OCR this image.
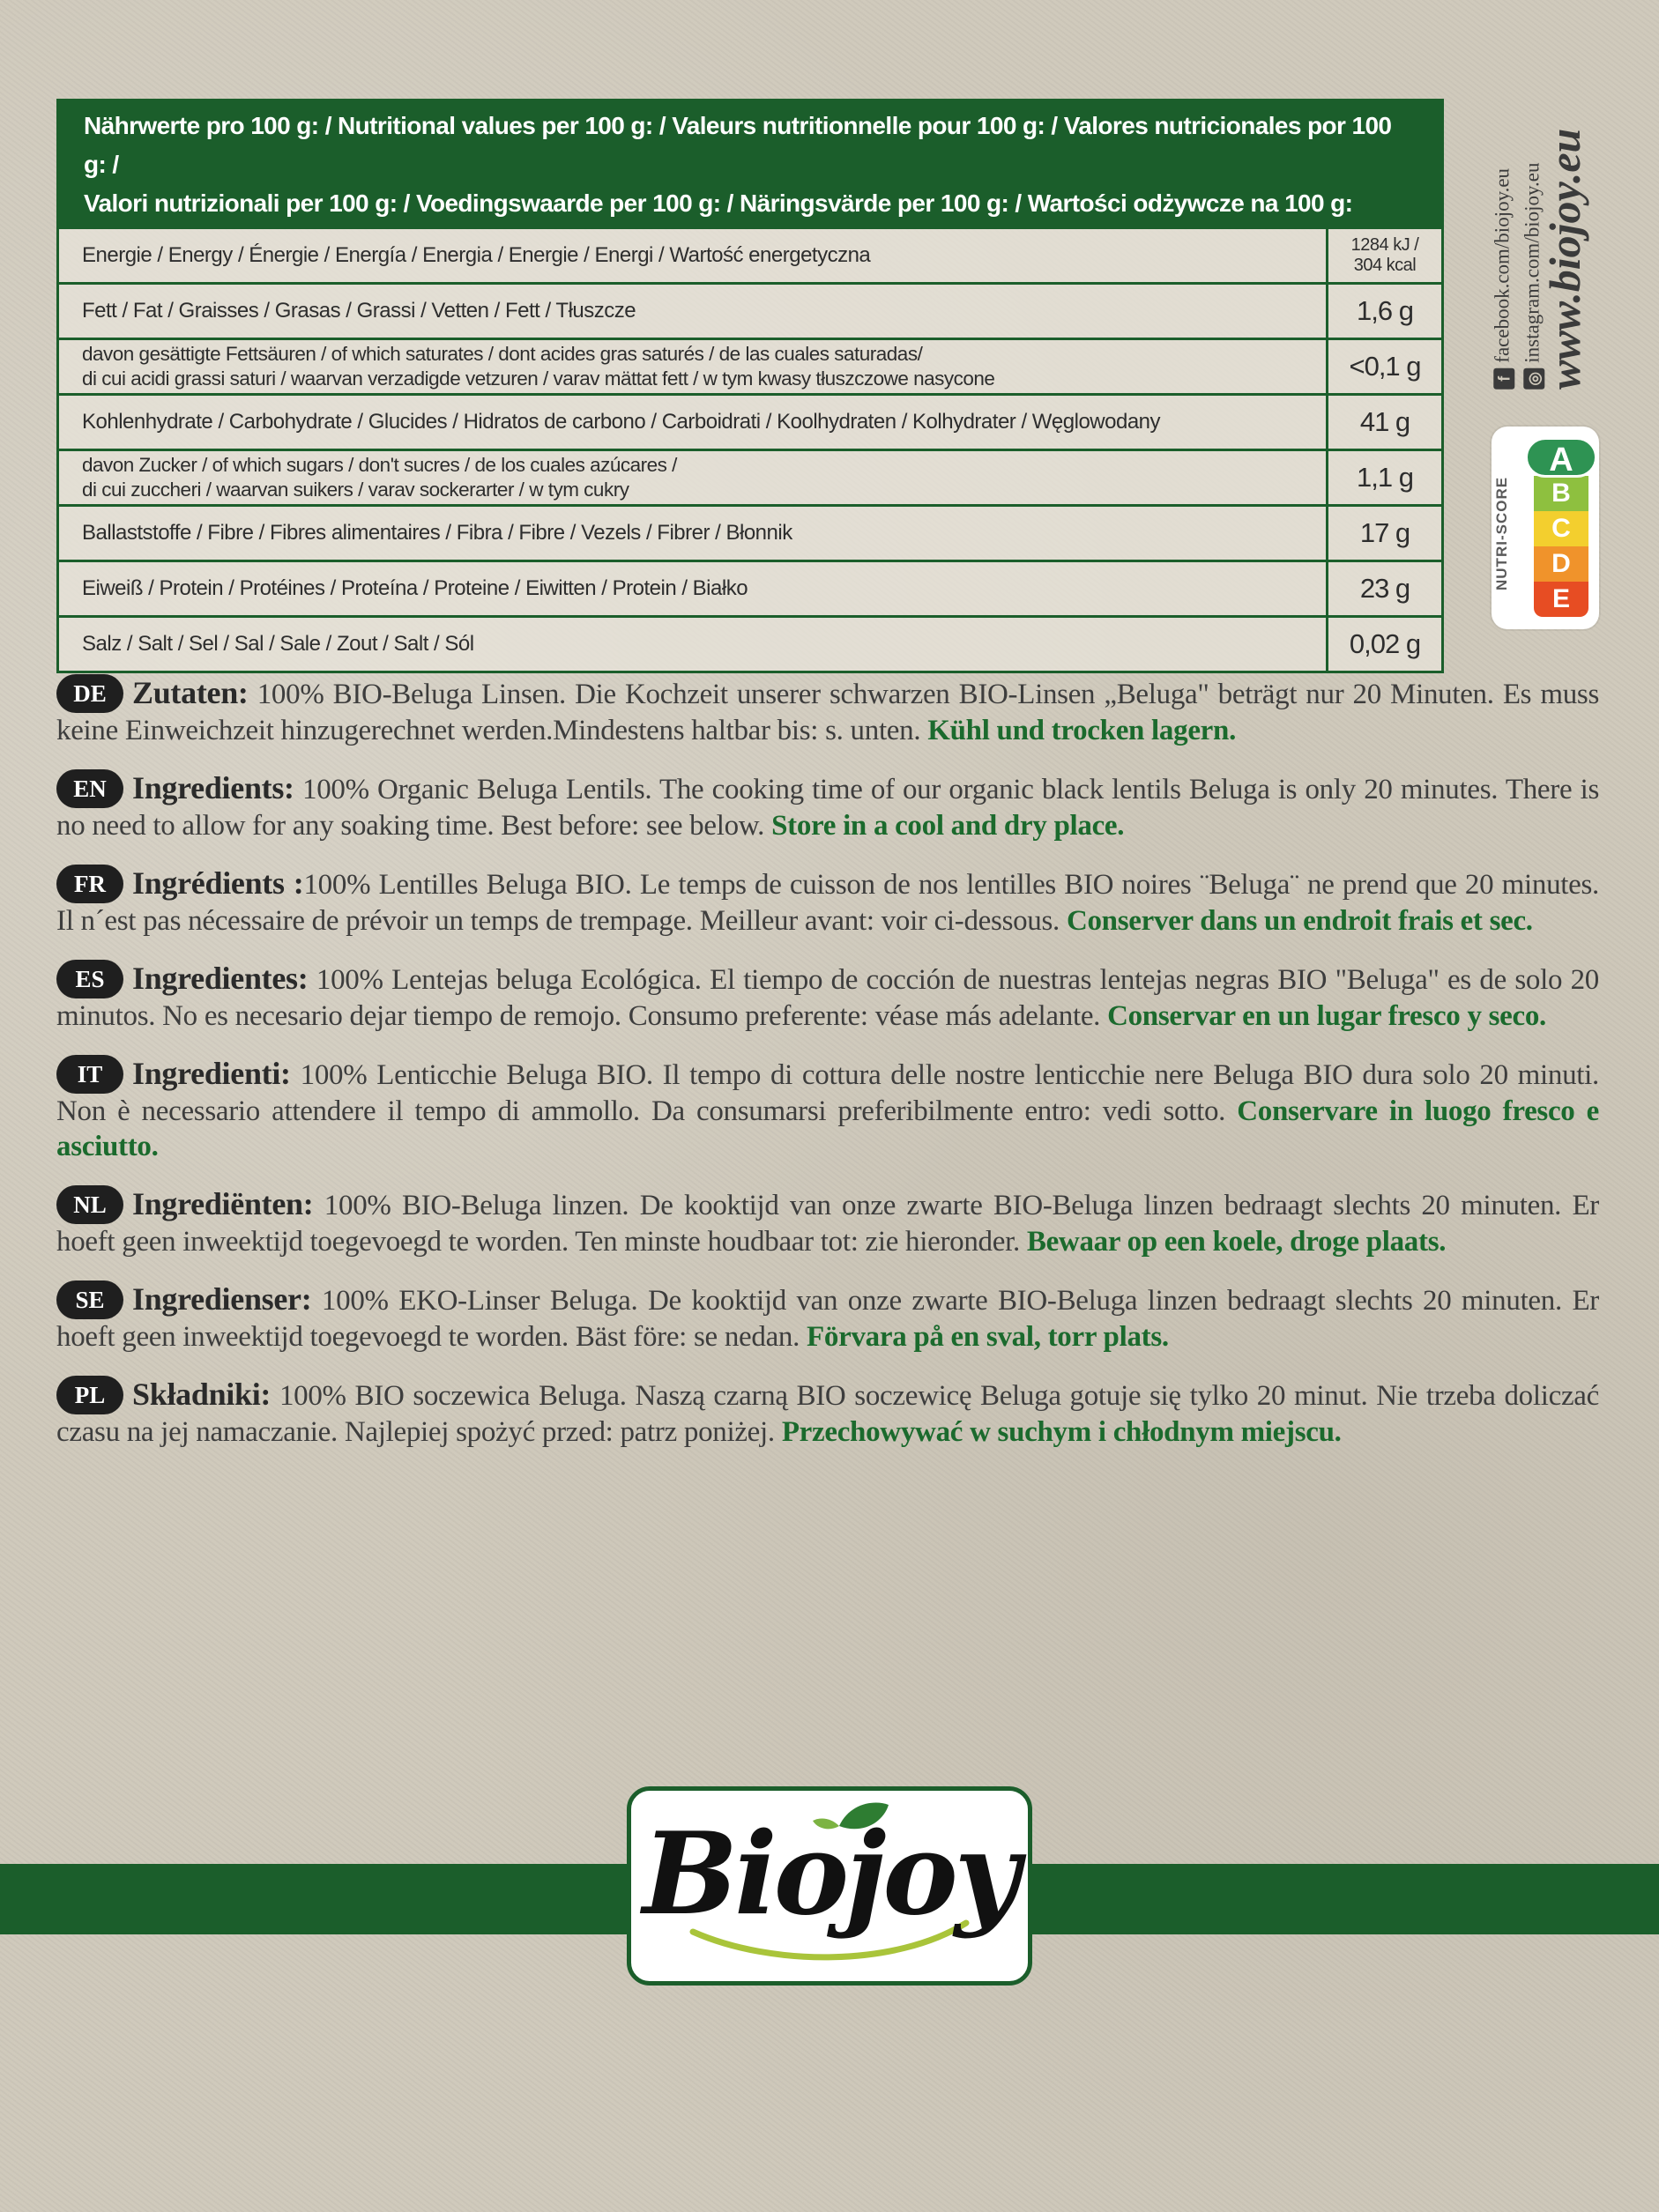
Nährwerte pro 100 g: / Nutritional values per 100 g: / Valeurs nutritionnelle pour 100 g: / Valores nutricionales por 100 g: /
Valori nutrizionali per 100 g: / Voedingswaarde per 100 g: / Näringsvärde per 100 g: / Wartości odżywcze na 100 g:
Energie / Energy / Énergie / Energía / Energia / Energie / Energi / Wartość energetyczna	1284 kJ /
304 kcal
Fett / Fat / Graisses / Grasas / Grassi / Vetten / Fett / Tłuszcze	1,6 g
davon gesättigte Fettsäuren / of which saturates / dont acides gras saturés / de las cuales saturadas/
di cui acidi grassi saturi / waarvan verzadigde vetzuren / varav mättat fett / w tym kwasy tłuszczowe nasycone	<0,1 g
Kohlenhydrate / Carbohydrate / Glucides / Hidratos de carbono / Carboidrati / Koolhydraten / Kolhydrater / Węglowodany	41 g
davon Zucker / of which sugars / don't sucres / de los cuales azúcares /
di cui zuccheri / waarvan suikers / varav sockerarter / w tym cukry	1,1 g
Ballaststoffe / Fibre / Fibres alimentaires / Fibra / Fibre / Vezels / Fibrer / Błonnik	17 g
Eiweiß / Protein / Protéines / Proteína / Proteine / Eiwitten / Protein / Białko	23 g
Salz / Salt / Sel / Sal / Sale / Zout / Salt / Sól	0,02 g
ffacebook.com/biojoy.eu
◎instagram.com/biojoy.eu
www.biojoy.eu
NUTRI-SCORE
A
B
C
D
E
DE Zutaten: 100% BIO-Beluga Linsen. Die Kochzeit unserer schwarzen BIO-Linsen „Beluga" beträgt nur 20 Minuten. Es muss keine Einweichzeit hinzugerechnet werden.Mindestens haltbar bis: s. unten. Kühl und trocken lagern.
EN Ingredients: 100% Organic Beluga Lentils. The cooking time of our organic black lentils Beluga is only 20 minutes. There is no need to allow for any soaking time. Best before: see below. Store in a cool and dry place.
FR Ingrédients :100% Lentilles Beluga BIO. Le temps de cuisson de nos lentilles BIO noires ¨Beluga¨ ne prend que 20 minutes. Il n´est pas nécessaire de prévoir un temps de trempage. Meilleur avant: voir ci-dessous. Conserver dans un endroit frais et sec.
ES Ingredientes: 100% Lentejas beluga Ecológica. El tiempo de cocción de nuestras lentejas negras BIO "Beluga" es de solo 20 minutos. No es necesario dejar tiempo de remojo. Consumo preferente: véase más adelante. Conservar en un lugar fresco y seco.
IT Ingredienti: 100% Lenticchie Beluga BIO. Il tempo di cottura delle nostre lenticchie nere Beluga BIO dura solo 20 minuti. Non è necessario attendere il tempo di ammollo. Da consumarsi preferibilmente entro: vedi sotto. Conservare in luogo fresco e asciutto.
NL Ingrediënten: 100% BIO-Beluga linzen. De kooktijd van onze zwarte BIO-Beluga linzen bedraagt slechts 20 minuten. Er hoeft geen inweektijd toegevoegd te worden. Ten minste houdbaar tot: zie hieronder. Bewaar op een koele, droge plaats.
SE Ingredienser: 100% EKO-Linser Beluga. De kooktijd van onze zwarte BIO-Beluga linzen bedraagt slechts 20 minuten. Er hoeft geen inweektijd toegevoegd te worden. Bäst före: se nedan. Förvara på en sval, torr plats.
PL Składniki: 100% BIO soczewica Beluga. Naszą czarną BIO soczewicę Beluga gotuje się tylko 20 minut. Nie trzeba doliczać czasu na jej namaczanie. Najlepiej spożyć przed: patrz poniżej. Przechowywać w suchym i chłodnym miejscu.
Biojoy
